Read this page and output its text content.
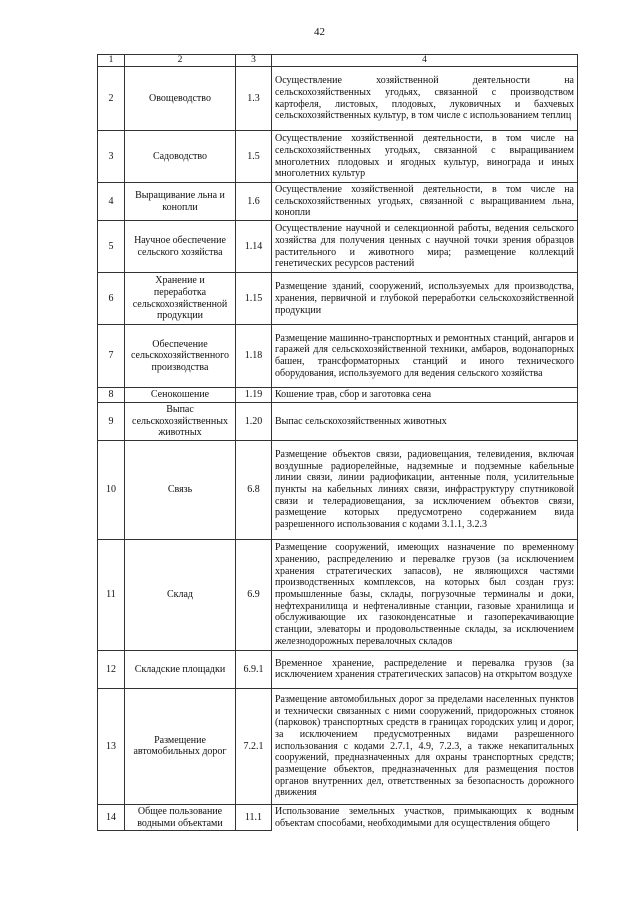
42
1	2	3	4
2	Овощеводство	1.3	Осуществление хозяйственной деятельности на сельскохозяйственных угодьях, связанной с производством картофеля, листовых, плодовых, луковичных и бахчевых сельскохозяйственных культур, в том числе с использованием теплиц
3	Садоводство	1.5	Осуществление хозяйственной деятельности, в том числе на сельскохозяйственных угодьях, связанной с выращиванием многолетних плодовых и ягодных культур, винограда и иных многолетних культур
4	Выращивание льна и конопли	1.6	Осуществление хозяйственной деятельности, в том числе на сельскохозяйственных угодьях, связанной с выращиванием льна, конопли
5	Научное обеспечение сельского хозяйства	1.14	Осуществление научной и селекционной работы, ведения сельского хозяйства для получения ценных с научной точки зрения образцов растительного и животного мира; размещение коллекций генетических ресурсов растений
6	Хранение и переработка сельскохозяйственной продукции	1.15	Размещение зданий, сооружений, используемых для производства, хранения, первичной и глубокой переработки сельскохозяйственной продукции
7	Обеспечение сельскохозяйственного производства	1.18	Размещение машинно-транспортных и ремонтных станций, ангаров и гаражей для сельскохозяйственной техники, амбаров, водонапорных башен, трансформаторных станций и иного технического оборудования, используемого для ведения сельского хозяйства
8	Сенокошение	1.19	Кошение трав, сбор и заготовка сена
9	Выпас сельскохозяйственных животных	1.20	Выпас сельскохозяйственных животных
10	Связь	6.8	Размещение объектов связи, радиовещания, телевидения, включая воздушные радиорелейные, надземные и подземные кабельные линии связи, линии радиофикации, антенные поля, усилительные пункты на кабельных линиях связи, инфраструктуру спутниковой связи и телерадиовещания, за исключением объектов связи, размещение которых предусмотрено содержанием вида разрешенного использования с кодами 3.1.1, 3.2.3
11	Склад	6.9	Размещение сооружений, имеющих назначение по временному хранению, распределению и перевалке грузов (за исключением хранения стратегических запасов), не являющихся частями производственных комплексов, на которых был создан груз: промышленные базы, склады, погрузочные терминалы и доки, нефтехранилища и нефтеналивные станции, газовые хранилища и обслуживающие их газоконденсатные и газоперекачивающие станции, элеваторы и продовольственные склады, за исключением железнодорожных перевалочных складов
12	Складские площадки	6.9.1	Временное хранение, распределение и перевалка грузов (за исключением хранения стратегических запасов) на открытом воздухе
13	Размещение автомобильных дорог	7.2.1	Размещение автомобильных дорог за пределами населенных пунктов и технически связанных с ними сооружений, придорожных стоянок (парковок) транспортных средств в границах городских улиц и дорог, за исключением предусмотренных видами разрешенного использования с кодами 2.7.1, 4.9, 7.2.3, а также некапитальных сооружений, предназначенных для охраны транспортных средств; размещение объектов, предназначенных для размещения постов органов внутренних дел, ответственных за безопасность дорожного движения
14	Общее пользование водными объектами	11.1	Использование земельных участков, примыкающих к водным объектам способами, необходимыми для осуществления общего
